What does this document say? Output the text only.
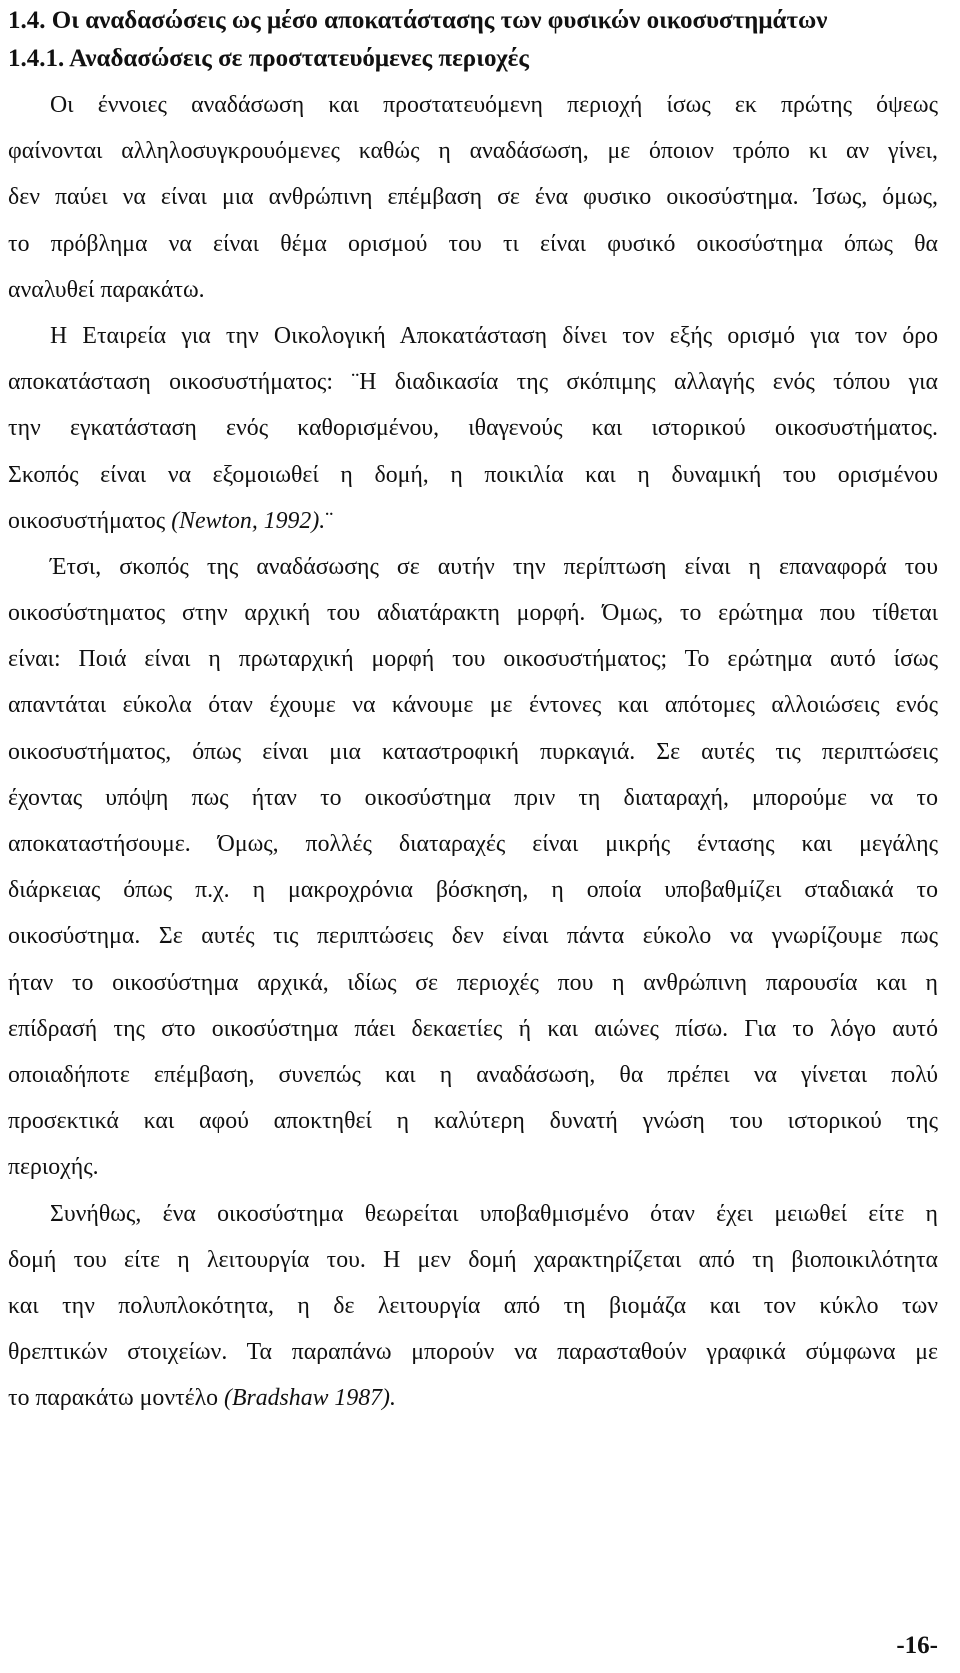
1.4. Οι αναδασώσεις ως μέσο αποκατάστασης των φυσικών οικοσυστημάτων
1.4.1. Αναδασώσεις σε προστατευόμενες περιοχές
Οι έννοιες αναδάσωση και προστατευόμενη περιοχή ίσως εκ πρώτης όψεως
φαίνονται αλληλοσυγκρουόμενες καθώς η αναδάσωση, με όποιον τρόπο κι αν γίνει,
δεν παύει να είναι μια ανθρώπινη επέμβαση σε ένα φυσικο οικοσύστημα. Ίσως, όμως,
το πρόβλημα να είναι θέμα ορισμού του τι είναι φυσικό οικοσύστημα όπως θα
αναλυθεί παρακάτω.
Η Εταιρεία για την Οικολογική Αποκατάσταση δίνει τον εξής ορισμό για τον όρο
αποκατάσταση οικοσυστήματος: ¨Η διαδικασία της σκόπιμης αλλαγής ενός τόπου για
την εγκατάσταση ενός καθορισμένου, ιθαγενούς και ιστορικού οικοσυστήματος.
Σκοπός είναι να εξομοιωθεί η δομή, η ποικιλία και η δυναμική του ορισμένου
οικοσυστήματος (Newton, 1992).¨
Έτσι, σκοπός της αναδάσωσης σε αυτήν την περίπτωση είναι η επαναφορά του
οικοσύστηματος στην αρχική του αδιατάρακτη μορφή. Όμως, το ερώτημα που τίθεται
είναι: Ποιά είναι η πρωταρχική μορφή του οικοσυστήματος; Το ερώτημα αυτό ίσως
απαντάται εύκολα όταν έχουμε να κάνουμε με έντονες και απότομες αλλοιώσεις ενός
οικοσυστήματος, όπως είναι μια καταστροφική πυρκαγιά. Σε αυτές τις περιπτώσεις
έχοντας υπόψη πως ήταν το οικοσύστημα πριν τη διαταραχή, μπορούμε να το
αποκαταστήσουμε. Όμως, πολλές διαταραχές είναι μικρής έντασης και μεγάλης
διάρκειας όπως π.χ. η μακροχρόνια βόσκηση, η οποία υποβαθμίζει σταδιακά το
οικοσύστημα. Σε αυτές τις περιπτώσεις δεν είναι πάντα εύκολο να γνωρίζουμε πως
ήταν το οικοσύστημα αρχικά, ιδίως σε περιοχές που η ανθρώπινη παρουσία και η
επίδρασή της στο οικοσύστημα πάει δεκαετίες ή και αιώνες πίσω. Για το λόγο αυτό
οποιαδήποτε επέμβαση, συνεπώς και η αναδάσωση, θα πρέπει να γίνεται πολύ
προσεκτικά και αφού αποκτηθεί η καλύτερη δυνατή γνώση του ιστορικού της
περιοχής.
Συνήθως, ένα οικοσύστημα θεωρείται υποβαθμισμένο όταν έχει μειωθεί είτε η
δομή του είτε η λειτουργία του. Η μεν δομή χαρακτηρίζεται από τη βιοποικιλότητα
και την πολυπλοκότητα, η δε λειτουργία από τη βιομάζα και τον κύκλο των
θρεπτικών στοιχείων. Τα παραπάνω μπορούν να παρασταθούν γραφικά σύμφωνα με
το παρακάτω μοντέλο (Bradshaw 1987).
-16-
